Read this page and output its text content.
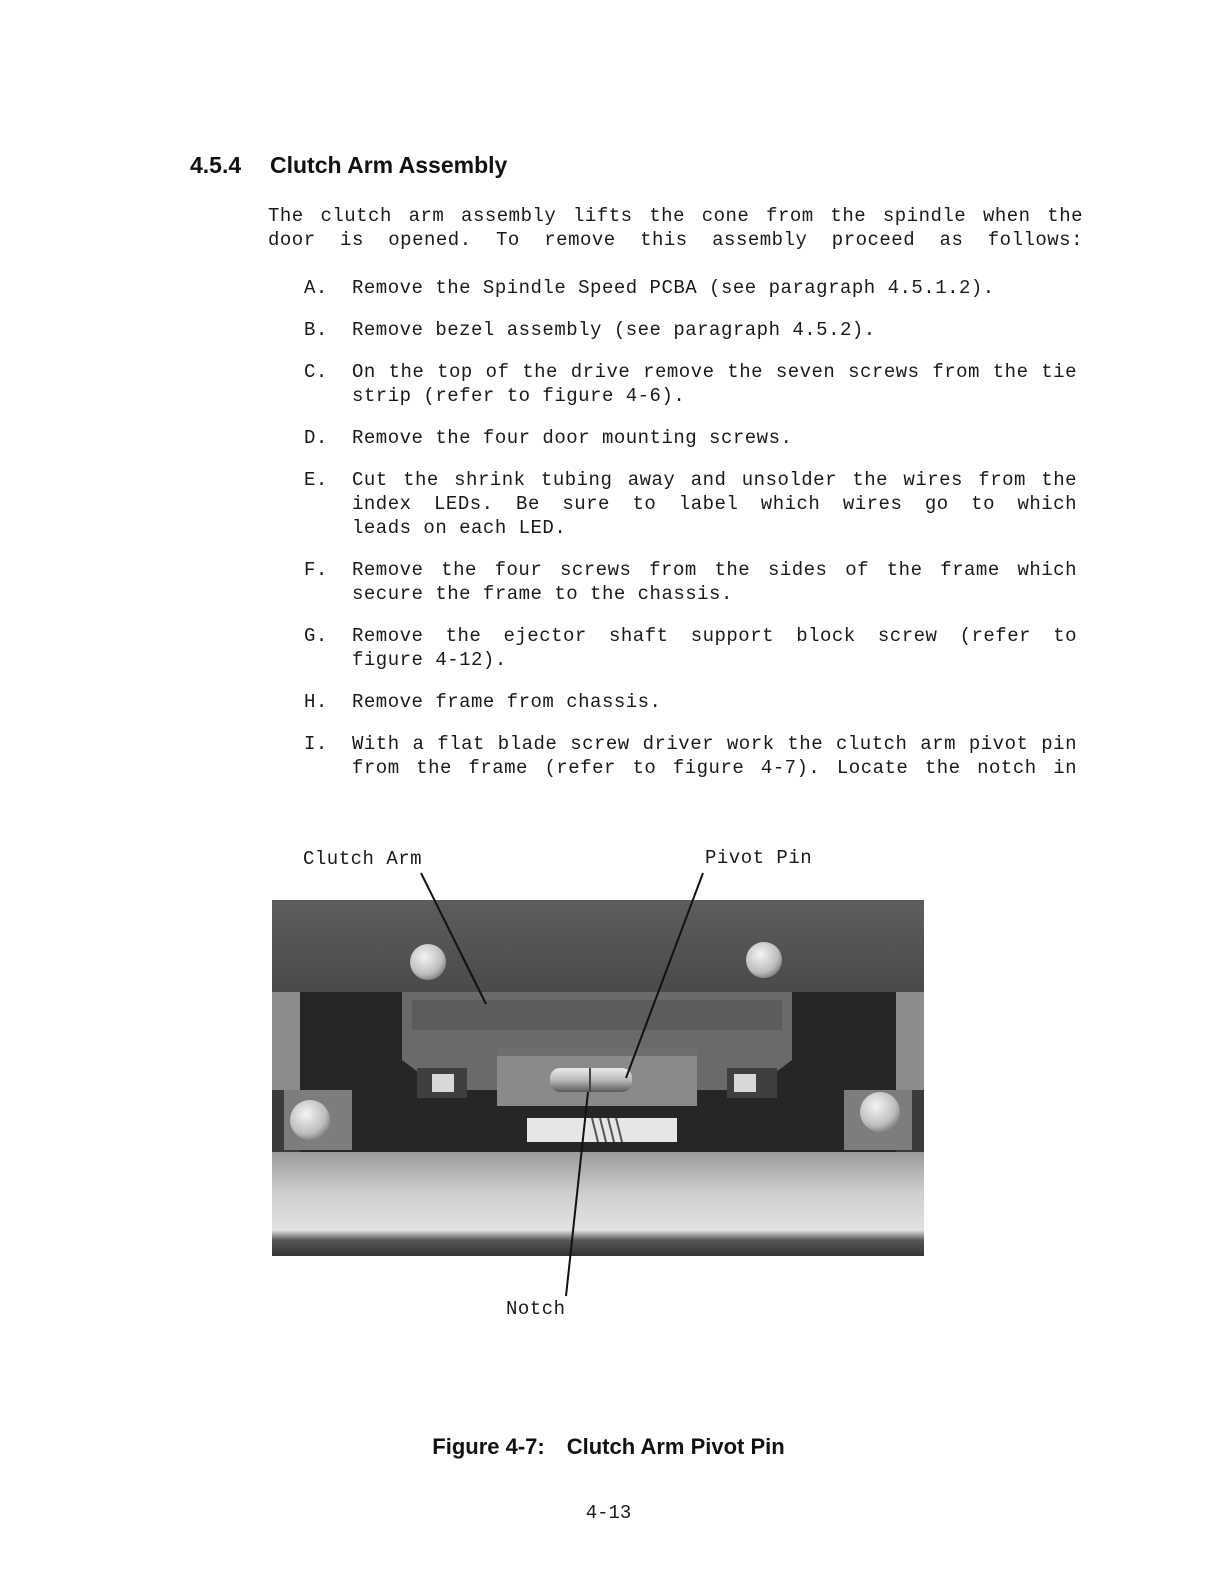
4.5.4 Clutch Arm Assembly
The clutch arm assembly lifts the cone from the spindle when the
door is opened. To remove this assembly proceed as follows:
A.	Remove the Spindle Speed PCBA (see paragraph 4.5.1.2).
B.	Remove bezel assembly (see paragraph 4.5.2).
C.	On the top of the drive remove the seven screws from the tie
strip (refer to figure 4-6).
D.	Remove the four door mounting screws.
E.	Cut the shrink tubing away and unsolder the wires from the
index LEDs. Be sure to label which wires go to which
leads on each LED.
F.	Remove the four screws from the sides of the frame which
secure the frame to the chassis.
G.	Remove the ejector shaft support block screw (refer to
figure 4-12).
H.	Remove frame from chassis.
I.	With a flat blade screw driver work the clutch arm pivot pin
from the frame (refer to figure 4-7). Locate the notch in
Clutch Arm	Pivot Pin
Notch
Figure 4-7: Clutch Arm Pivot Pin
4-13
